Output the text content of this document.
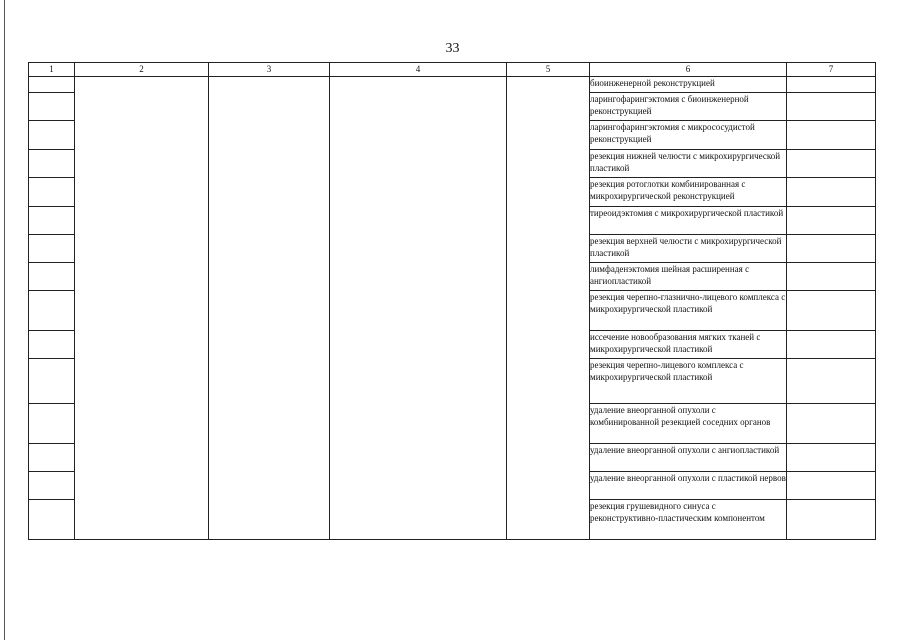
33
1	2	3	4	5	6	7
					биоинженерной реконструкцией	
					ларингофарингэктомия с биоинженерной реконструкцией	
					ларингофарингэктомия с микрососудистой реконструкцией	
					резекция нижней челюсти с микрохирургической пластикой	
					резекция ротоглотки комбинированная с микрохирургической реконструкцией	
					тиреоидэктомия с микрохирургической пластикой	
					резекция верхней челюсти с микрохирургической пластикой	
					лимфаденэктомия шейная расширенная с ангиопластикой	
					резекция черепно-глазнично-лицевого комплекса с микрохирургической пластикой	
					иссечение новообразования мягких тканей с микрохирургической пластикой	
					резекция черепно-лицевого комплекса с микрохирургической пластикой	
					удаление внеорганной опухоли с комбинированной резекцией соседних органов	
					удаление внеорганной опухоли с ангиопластикой	
					удаление внеорганной опухоли с пластикой нервов	
					резекция грушевидного синуса с реконструктивно-пластическим компонентом	
